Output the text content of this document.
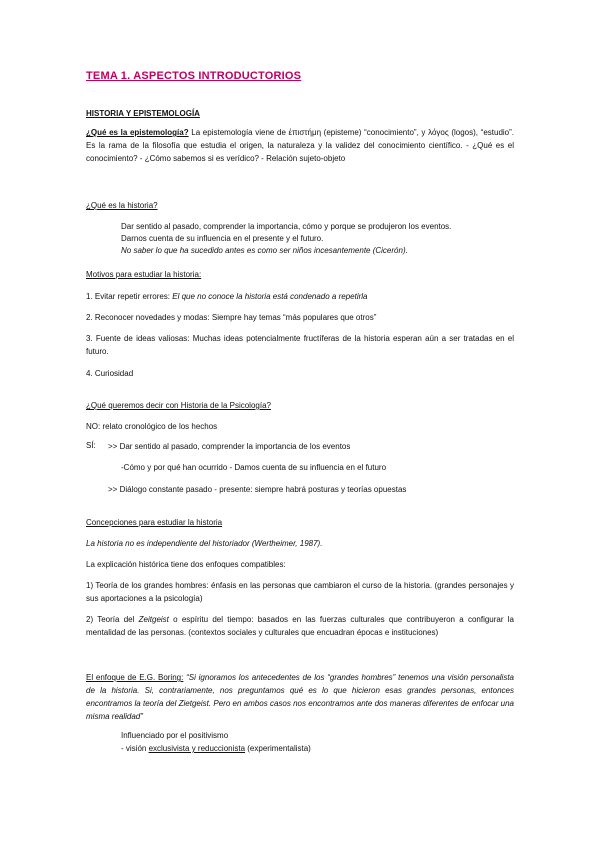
TEMA 1. ASPECTOS INTRODUCTORIOS
HISTORIA Y EPISTEMOLOGÍA
¿Qué es la epistemología? La epistemología viene de ἐπιστήμη (episteme) “conocimiento”, y λόγος (logos), “estudio”. Es la rama de la filosofía que estudia el origen, la naturaleza y la validez del conocimiento científico. - ¿Qué es el conocimiento? - ¿Cómo sabemos si es verídico? - Relación sujeto-objeto
¿Qué es la historia?
Dar sentido al pasado, comprender la importancia, cómo y porque se produjeron los eventos.
Darnos cuenta de su influencia en el presente y el futuro.
No saber lo que ha sucedido antes es como ser niños incesantemente (Cicerón).
Motivos para estudiar la historia:
1. Evitar repetir errores: El que no conoce la historia está condenado a repetirla
2. Reconocer novedades y modas: Siempre hay temas “más populares que otros”
3. Fuente de ideas valiosas: Muchas ideas potencialmente fructíferas de la historia esperan aún a ser tratadas en el futuro.
4. Curiosidad
¿Qué queremos decir con Historia de la Psicología?
NO: relato cronológico de los hechos
SÍ: >> Dar sentido al pasado, comprender la importancia de los eventos
-Cómo y por qué han ocurrido - Damos cuenta de su influencia en el futuro
>> Diálogo constante pasado - presente: siempre habrá posturas y teorías opuestas
Concepciones para estudiar la historia
La historia no es independiente del historiador (Wertheimer, 1987).
La explicación histórica tiene dos enfoques compatibles:
1) Teoría de los grandes hombres: énfasis en las personas que cambiaron el curso de la historia. (grandes personajes y sus aportaciones a la psicología)
2) Teoría del Zeitgeist o espíritu del tiempo: basados en las fuerzas culturales que contribuyeron a configurar la mentalidad de las personas. (contextos sociales y culturales que encuadran épocas e instituciones)
El enfoque de E.G. Boring: “Si ignoramos los antecedentes de los “grandes hombres” tenemos una visión personalista de la historia. Si, contrariamente, nos preguntamos qué es lo que hicieron esas grandes personas, entonces encontramos la teoría del Zietgeist. Pero en ambos casos nos encontramos ante dos maneras diferentes de enfocar una misma realidad”
Influenciado por el positivismo
- visión exclusivista y reduccionista (experimentalista)
